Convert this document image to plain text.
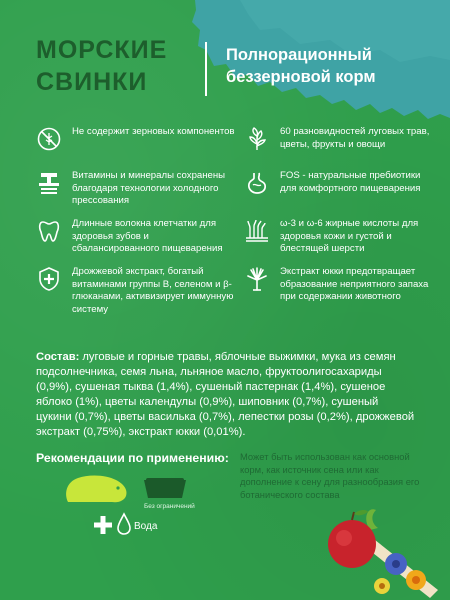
МОРСКИЕ СВИНКИ
Полнорационный беззерновой корм
Не содержит зерновых компонентов
Витамины и минералы сохранены благодаря технологии холодного прессования
Длинные волокна клетчатки для здоровья зубов и сбалансированного пищеварения
Дрожжевой экстракт, богатый витаминами группы В, селеном и β-глюканами, активизирует иммунную систему
60 разновидностей луговых трав, цветы, фрукты и овощи
FOS - натуральные пребиотики для комфортного пищеварения
ω-3 и ω-6 жирные кислоты для здоровья кожи и густой и блестящей шерсти
Экстракт юкки предотвращает образование неприятного запаха при содержании животного
Состав: луговые и горные травы, яблочные выжимки, мука из семян подсолнечника, семя льна, льняное масло, фруктоолигосахариды (0,9%), сушеная тыква (1,4%), сушеный пастернак (1,4%), сушеное яблоко (1%), цветы календулы (0,9%), шиповник (0,7%), сушеный цукини (0,7%), цветы василька (0,7%), лепестки розы (0,2%), дрожжевой экстракт (0,75%), экстракт юкки (0,01%).
Рекомендации по применению: Может быть использован как основной корм, как источник сена или как дополнение к сену для разнообразия его ботанического состава
Без ограничений
Вода
